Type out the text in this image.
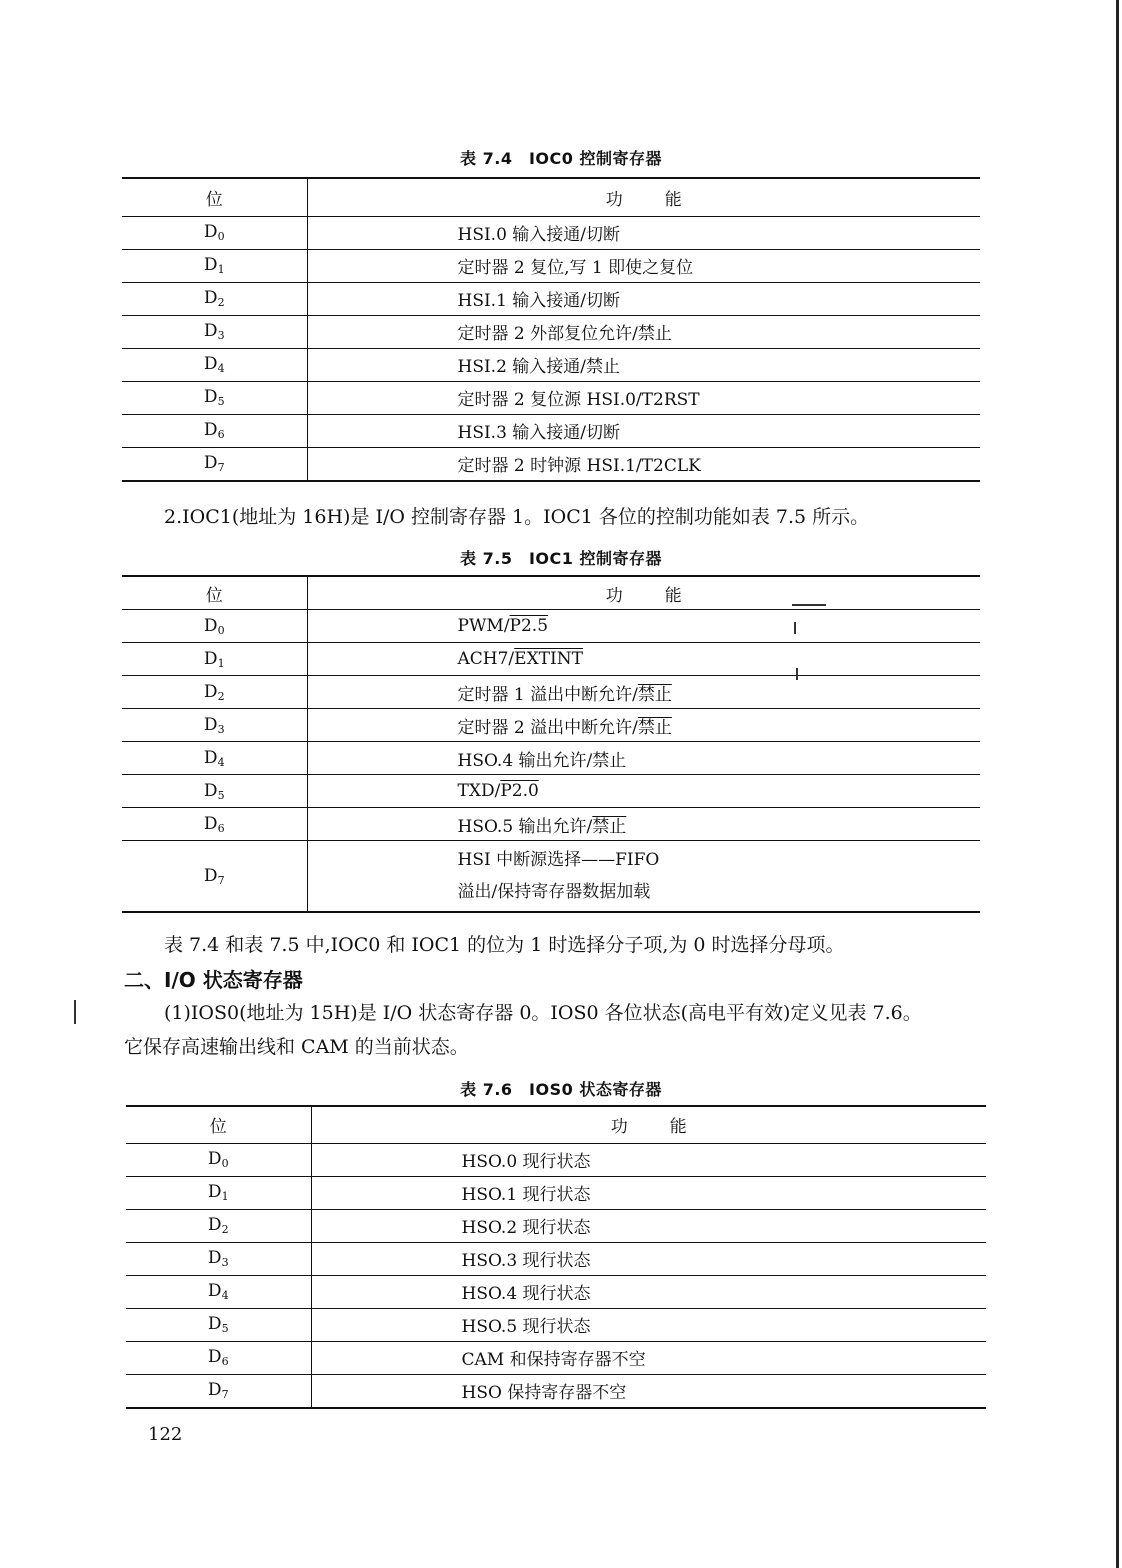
表 7.4　IOC0 控制寄存器
位	功能
$D_0$	HSI.0 输入接通/切断
$D_1$	定时器 2 复位,写 1 即使之复位
$D_2$	HSI.1 输入接通/切断
$D_3$	定时器 2 外部复位允许/禁止
$D_4$	HSI.2 输入接通/禁止
$D_5$	定时器 2 复位源 HSI.0/T2RST
$D_6$	HSI.3 输入接通/切断
$D_7$	定时器 2 时钟源 HSI.1/T2CLK
2.IOC1(地址为 16H)是 I/O 控制寄存器 1。IOC1 各位的控制功能如表 7.5 所示。
表 7.5　IOC1 控制寄存器
位	功能
$D_0$	PWM/P2.5
$D_1$	ACH7/EXTINT
$D_2$	定时器 1 溢出中断允许/禁止
$D_3$	定时器 2 溢出中断允许/禁止
$D_4$	HSO.4 输出允许/禁止
$D_5$	TXD/P2.0
$D_6$	HSO.5 输出允许/禁止
$D_7$	HSI 中断源选择——FIFO
溢出/保持寄存器数据加载
表 7.4 和表 7.5 中,IOC0 和 IOC1 的位为 1 时选择分子项,为 0 时选择分母项。
二、I/O 状态寄存器
(1)IOS0(地址为 15H)是 I/O 状态寄存器 0。IOS0 各位状态(高电平有效)定义见表 7.6。
它保存高速输出线和 CAM 的当前状态。
表 7.6　IOS0 状态寄存器
位	功能
$D_0$	HSO.0 现行状态
$D_1$	HSO.1 现行状态
$D_2$	HSO.2 现行状态
$D_3$	HSO.3 现行状态
$D_4$	HSO.4 现行状态
$D_5$	HSO.5 现行状态
$D_6$	CAM 和保持寄存器不空
$D_7$	HSO 保持寄存器不空
122
